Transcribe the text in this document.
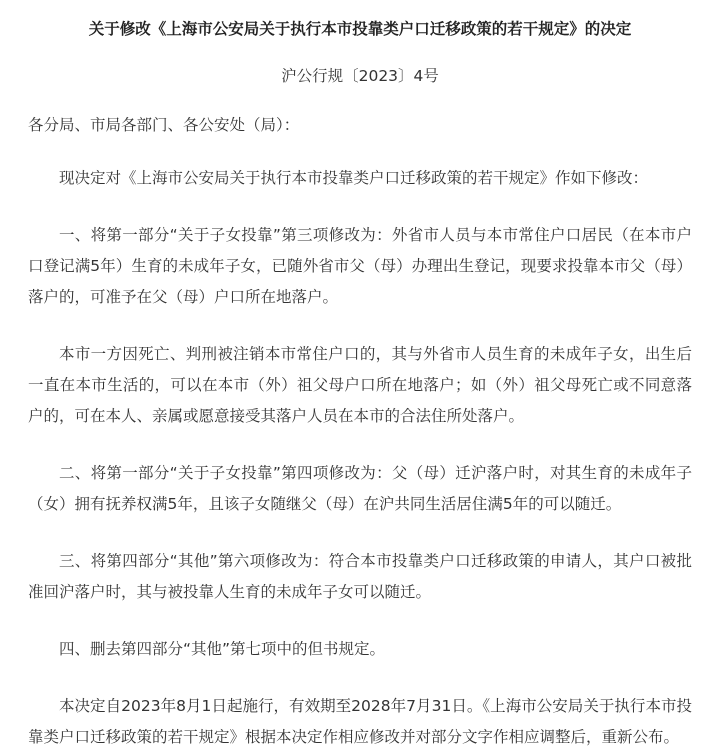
关于修改《上海市公安局关于执行本市投靠类户口迁移政策的若干规定》的决定

沪公行规〔2023〕4号

各分局、市局各部门、各公安处（局）：

现决定对《上海市公安局关于执行本市投靠类户口迁移政策的若干规定》作如下修改：

一、将第一部分“关于子女投靠”第三项修改为：外省市人员与本市常住户口居民（在本市户口登记满5年）生育的未成年子女，已随外省市父（母）办理出生登记，现要求投靠本市父（母）落户的，可准予在父（母）户口所在地落户。

本市一方因死亡、判刑被注销本市常住户口的，其与外省市人员生育的未成年子女，出生后一直在本市生活的，可以在本市（外）祖父母户口所在地落户；如（外）祖父母死亡或不同意落户的，可在本人、亲属或愿意接受其落户人员在本市的合法住所处落户。

二、将第一部分“关于子女投靠”第四项修改为：父（母）迁沪落户时，对其生育的未成年子（女）拥有抚养权满5年，且该子女随继父（母）在沪共同生活居住满5年的可以随迁。

三、将第四部分“其他”第六项修改为：符合本市投靠类户口迁移政策的申请人，其户口被批准回沪落户时，其与被投靠人生育的未成年子女可以随迁。

四、删去第四部分“其他”第七项中的但书规定。

本决定自2023年8月1日起施行，有效期至2028年7月31日。《上海市公安局关于执行本市投靠类户口迁移政策的若干规定》根据本决定作相应修改并对部分文字作相应调整后，重新公布。
